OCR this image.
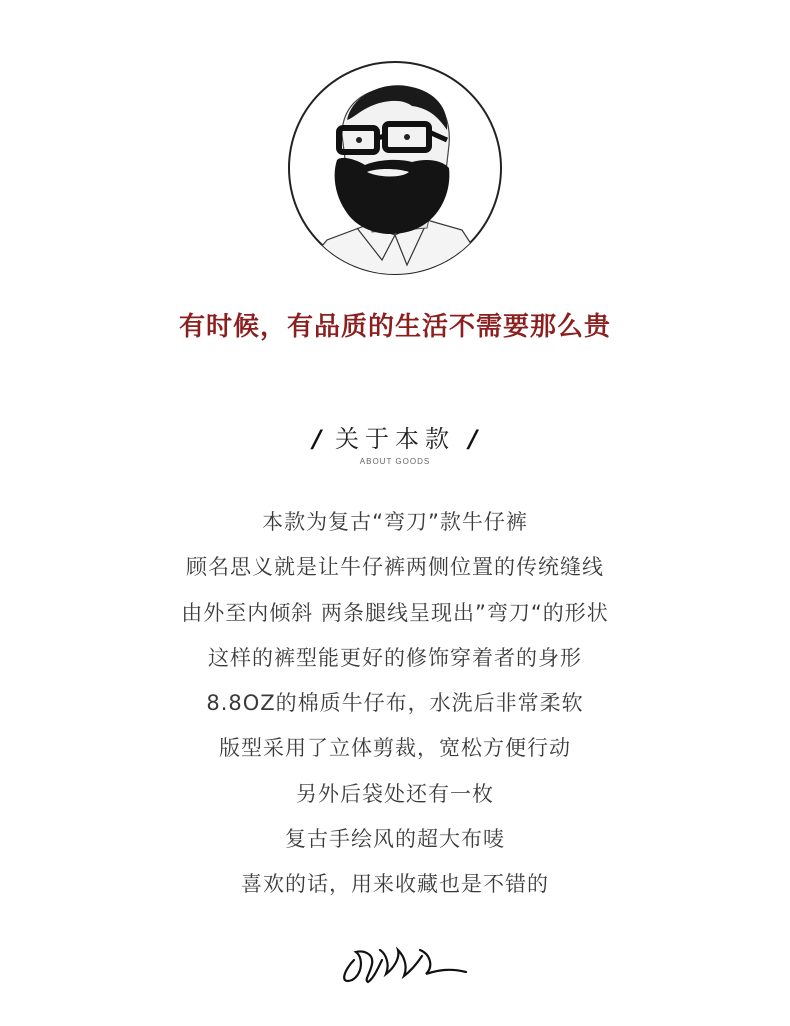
有时候，有品质的生活不需要那么贵
/ 关于本款 /
ABOUT GOODS
本款为复古“弯刀”款牛仔裤
顾名思义就是让牛仔裤两侧位置的传统缝线
由外至内倾斜 两条腿线呈现出”弯刀“的形状
这样的裤型能更好的修饰穿着者的身形
8.8OZ的棉质牛仔布，水洗后非常柔软
版型采用了立体剪裁，宽松方便行动
另外后袋处还有一枚
复古手绘风的超大布唛
喜欢的话，用来收藏也是不错的
